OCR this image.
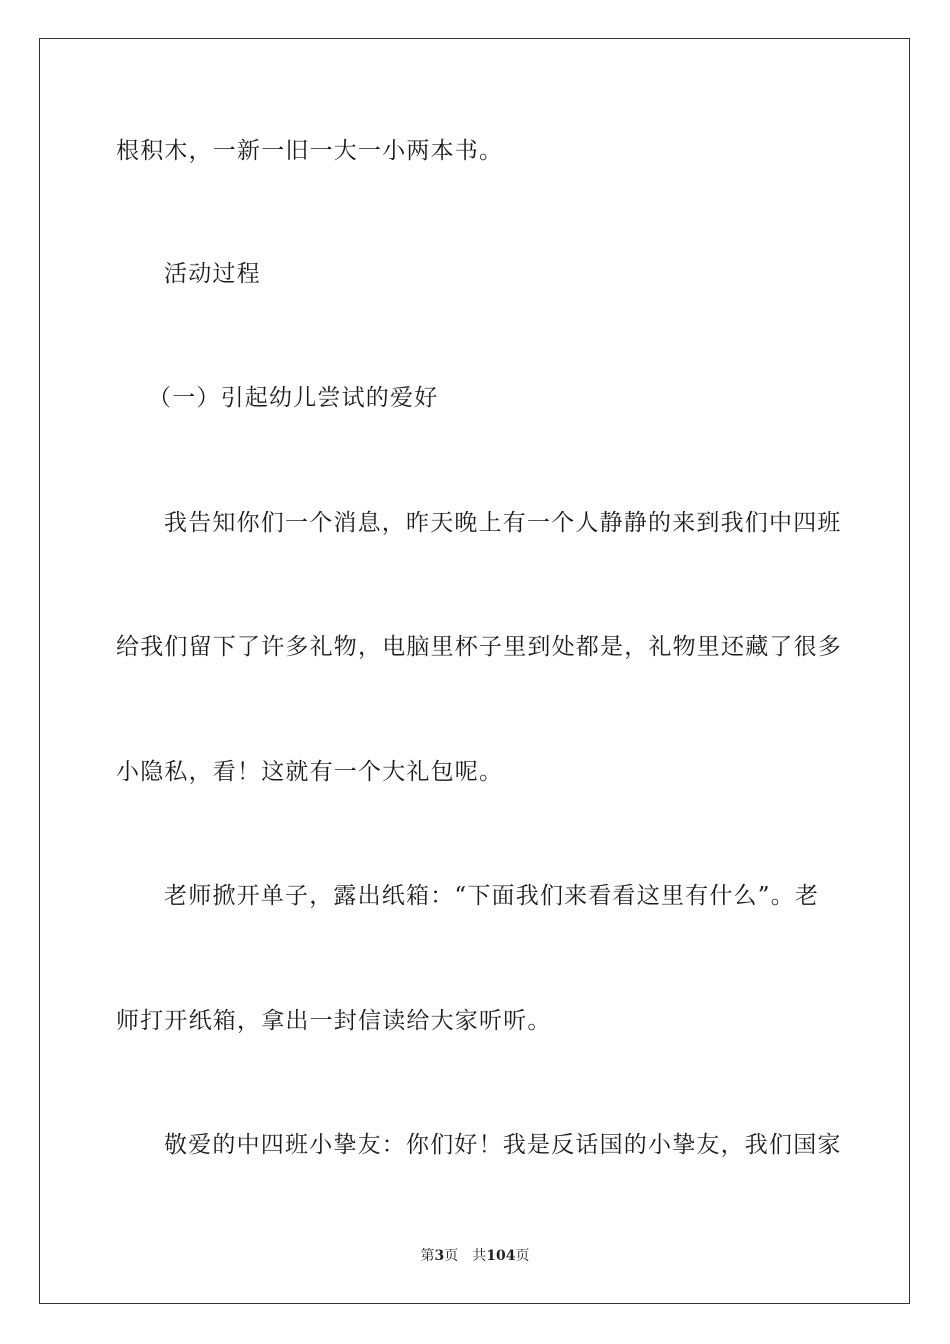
根积木，一新一旧一大一小两本书。
活动过程
（一）引起幼儿尝试的爱好
我告知你们一个消息，昨天晚上有一个人静静的来到我们中四班
给我们留下了许多礼物，电脑里杯子里到处都是，礼物里还藏了很多
小隐私，看！这就有一个大礼包呢。
老师掀开单子，露出纸箱：“下面我们来看看这里有什么”。老
师打开纸箱，拿出一封信读给大家听听。
敬爱的中四班小挚友：你们好！我是反话国的小挚友，我们国家
第3页 共104页
